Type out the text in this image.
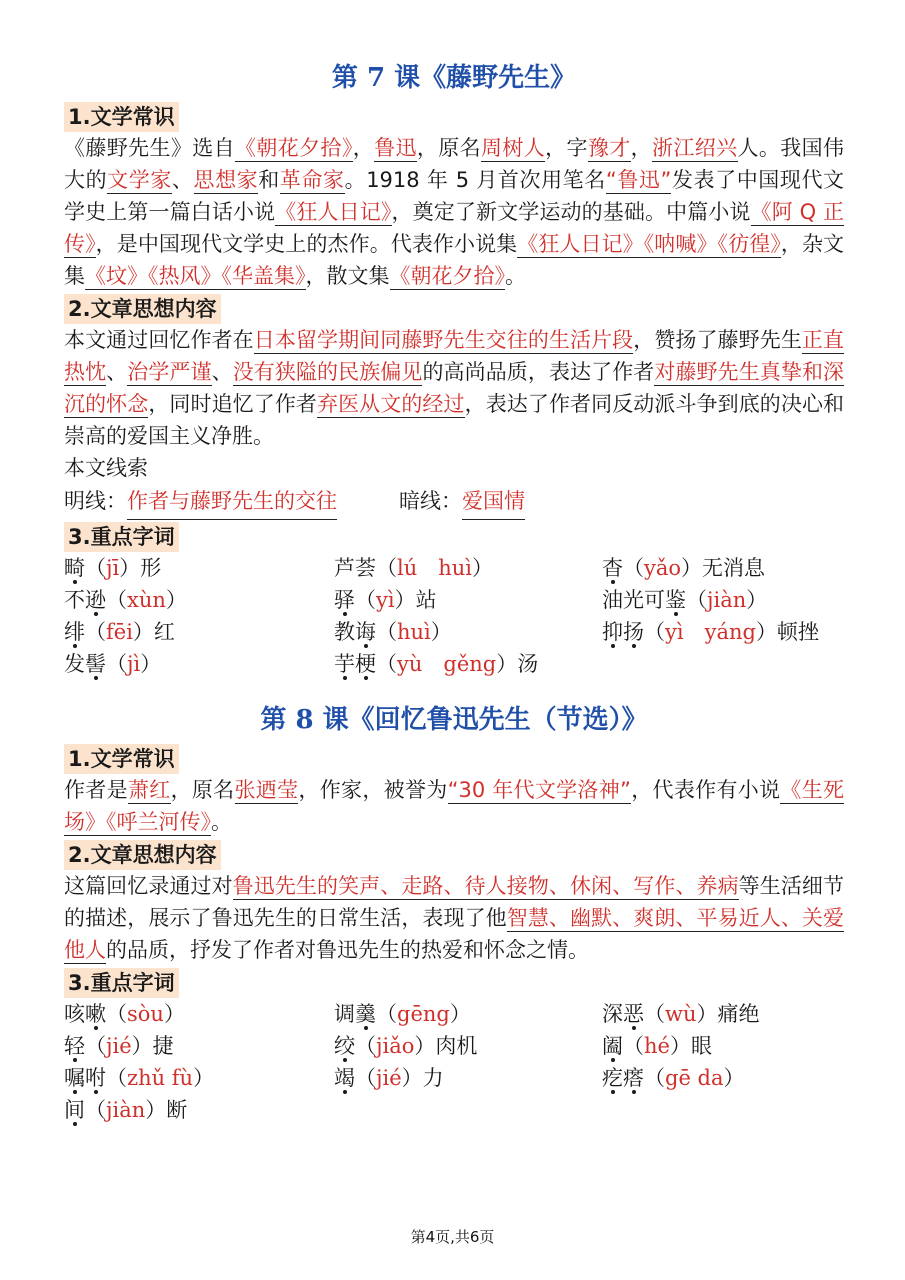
第 7 课《藤野先生》
1.文学常识

《藤野先生》选自《朝花夕拾》，鲁迅，原名周树人，字豫才，浙江绍兴人。我国伟大的文学家、思想家和革命家。1918 年 5 月首次用笔名“鲁迅”发表了中国现代文学史上第一篇白话小说《狂人日记》，奠定了新文学运动的基础。中篇小说《阿 Q 正传》，是中国现代文学史上的杰作。代表作小说集《狂人日记》《呐喊》《彷徨》，杂文集《坟》《热风》《华盖集》，散文集《朝花夕拾》。

2.文章思想内容

本文通过回忆作者在日本留学期间同藤野先生交往的生活片段，赞扬了藤野先生正直热忱、治学严谨、没有狭隘的民族偏见的高尚品质，表达了作者对藤野先生真挚和深沉的怀念，同时追忆了作者弃医从文的经过，表达了作者同反动派斗争到底的决心和崇高的爱国主义净胜。

本文线索

明线： 作者与藤野先生的交往	暗线： 爱国情
3.重点字词
畸（jī）形	芦荟（lú　huì）	杳（yǎo）无消息
不逊（xùn）	驿（yì）站	油光可鉴（jiàn）
绯（fēi）红	教诲（huì）	抑扬（yì　yáng）顿挫
发髻（jì）	芋梗（yù　gěng）汤
第 8 课《回忆鲁迅先生（节选）》
1.文学常识

作者是萧红，原名张迺莹，作家，被誉为“30 年代文学洛神”，代表作有小说《生死场》《呼兰河传》。

2.文章思想内容

这篇回忆录通过对鲁迅先生的笑声、走路、待人接物、休闲、写作、养病等生活细节的描述，展示了鲁迅先生的日常生活，表现了他智慧、幽默、爽朗、平易近人、关爱他人的品质，抒发了作者对鲁迅先生的热爱和怀念之情。

3.重点字词
咳嗽（sòu）	调羹（gēng）	深恶（wù）痛绝
轻（jié）捷	绞（jiǎo）肉机	阖（hé）眼
嘱咐（zhǔ fù）	竭（jié）力	疙瘩（gē da）
间（jiàn）断
第4页,共6页
